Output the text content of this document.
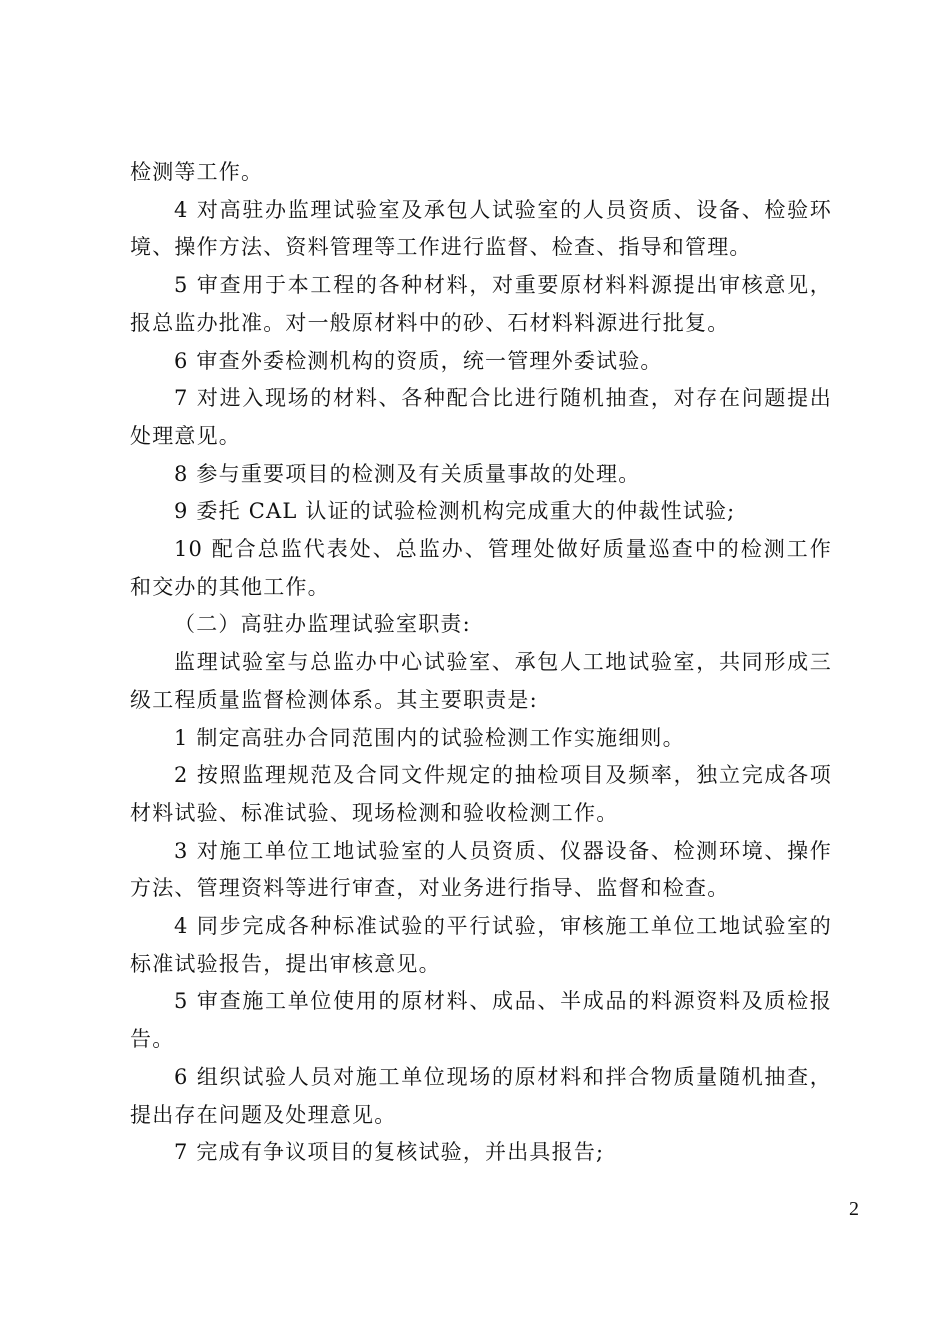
检测等工作。

4 对高驻办监理试验室及承包人试验室的人员资质、设备、检验环境、操作方法、资料管理等工作进行监督、检查、指导和管理。

5 审查用于本工程的各种材料，对重要原材料料源提出审核意见，报总监办批准。对一般原材料中的砂、石材料料源进行批复。

6 审查外委检测机构的资质，统一管理外委试验。

7 对进入现场的材料、各种配合比进行随机抽查，对存在问题提出处理意见。

8 参与重要项目的检测及有关质量事故的处理。

9 委托 CAL 认证的试验检测机构完成重大的仲裁性试验;

10 配合总监代表处、总监办、管理处做好质量巡查中的检测工作和交办的其他工作。

（二）高驻办监理试验室职责:

监理试验室与总监办中心试验室、承包人工地试验室，共同形成三级工程质量监督检测体系。其主要职责是:

1 制定高驻办合同范围内的试验检测工作实施细则。

2 按照监理规范及合同文件规定的抽检项目及频率，独立完成各项材料试验、标准试验、现场检测和验收检测工作。

3 对施工单位工地试验室的人员资质、仪器设备、检测环境、操作方法、管理资料等进行审查，对业务进行指导、监督和检查。

4 同步完成各种标准试验的平行试验，审核施工单位工地试验室的标准试验报告，提出审核意见。

5 审查施工单位使用的原材料、成品、半成品的料源资料及质检报告。

6 组织试验人员对施工单位现场的原材料和拌合物质量随机抽查，提出存在问题及处理意见。

7 完成有争议项目的复核试验，并出具报告;

2
